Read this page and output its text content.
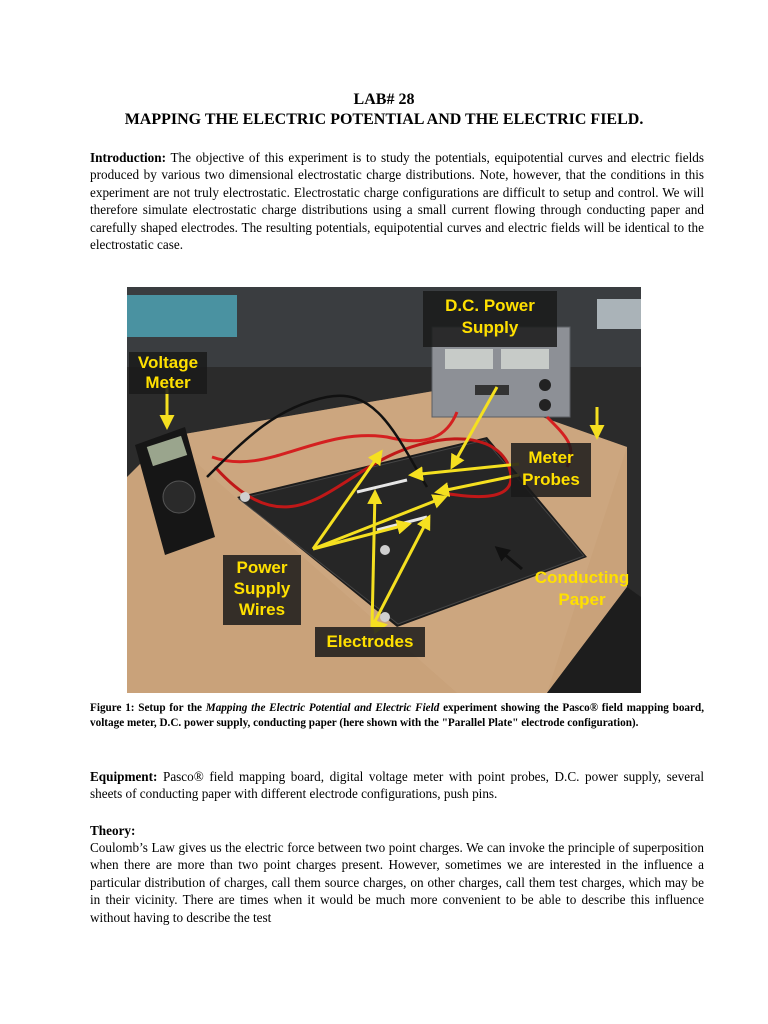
LAB# 28
MAPPING THE ELECTRIC POTENTIAL AND THE ELECTRIC FIELD.

Introduction: The objective of this experiment is to study the potentials, equipotential curves and electric fields produced by various two dimensional electrostatic charge distributions. Note, however, that the conditions in this experiment are not truly electrostatic. Electrostatic charge configurations are difficult to setup and control. We will therefore simulate electrostatic charge distributions using a small current flowing through conducting paper and carefully shaped electrodes. The resulting potentials, equipotential curves and electric fields will be identical to the electrostatic case.

D.C. Power
Supply
Voltage
Meter
Meter
Probes
Power
Supply
Wires
Electrodes
Conducting
Paper

Figure 1: Setup for the Mapping the Electric Potential and Electric Field experiment showing the Pasco® field mapping board, voltage meter, D.C. power supply, conducting paper (here shown with the "Parallel Plate" electrode configuration).

Equipment: Pasco® field mapping board, digital voltage meter with point probes, D.C. power supply, several sheets of conducting paper with different electrode configurations, push pins.

Theory:

Coulomb’s Law gives us the electric force between two point charges. We can invoke the principle of superposition when there are more than two point charges present. However, sometimes we are interested in the influence a particular distribution of charges, call them source charges, on other charges, call them test charges, which may be in their vicinity. There are times when it would be much more convenient to be able to describe this influence without having to describe the test
